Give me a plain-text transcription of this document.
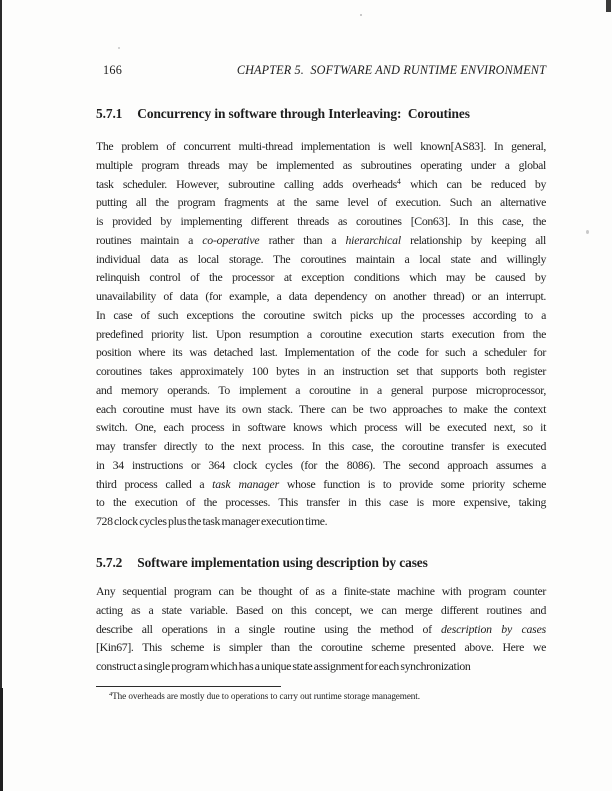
166	CHAPTER 5.  SOFTWARE AND RUNTIME ENVIRONMENT
5.7.1 Concurrency in software through Interleaving:  Coroutines
The problem of concurrent multi-thread implementation is well known[AS83]. In general,
multiple program threads may be implemented as subroutines operating under a global
task scheduler. However, subroutine calling adds overheads$^4$ which can be reduced by
putting all the program fragments at the same level of execution. Such an alternative
is provided by implementing different threads as coroutines [Con63]. In this case, the
routines maintain a co-operative rather than a hierarchical relationship by keeping all
individual data as local storage. The coroutines maintain a local state and willingly
relinquish control of the processor at exception conditions which may be caused by
unavailability of data (for example, a data dependency on another thread) or an interrupt.
In case of such exceptions the coroutine switch picks up the processes according to a
predefined priority list. Upon resumption a coroutine execution starts execution from the
position where its was detached last. Implementation of the code for such a scheduler for
coroutines takes approximately 100 bytes in an instruction set that supports both register
and memory operands. To implement a coroutine in a general purpose microprocessor,
each coroutine must have its own stack. There can be two approaches to make the context
switch. One, each process in software knows which process will be executed next, so it
may transfer directly to the next process. In this case, the coroutine transfer is executed
in 34 instructions or 364 clock cycles (for the 8086). The second approach assumes a
third process called a task manager whose function is to provide some priority scheme
to the execution of the processes. This transfer in this case is more expensive, taking
728 clock cycles plus the task manager execution time.
5.7.2 Software implementation using description by cases
Any sequential program can be thought of as a finite-state machine with program counter
acting as a state variable. Based on this concept, we can merge different routines and
describe all operations in a single routine using the method of description by cases
[Kin67]. This scheme is simpler than the coroutine scheme presented above. Here we
construct a single program which has a unique state assignment for each synchronization
$^4$The overheads are mostly due to operations to carry out runtime storage management.
